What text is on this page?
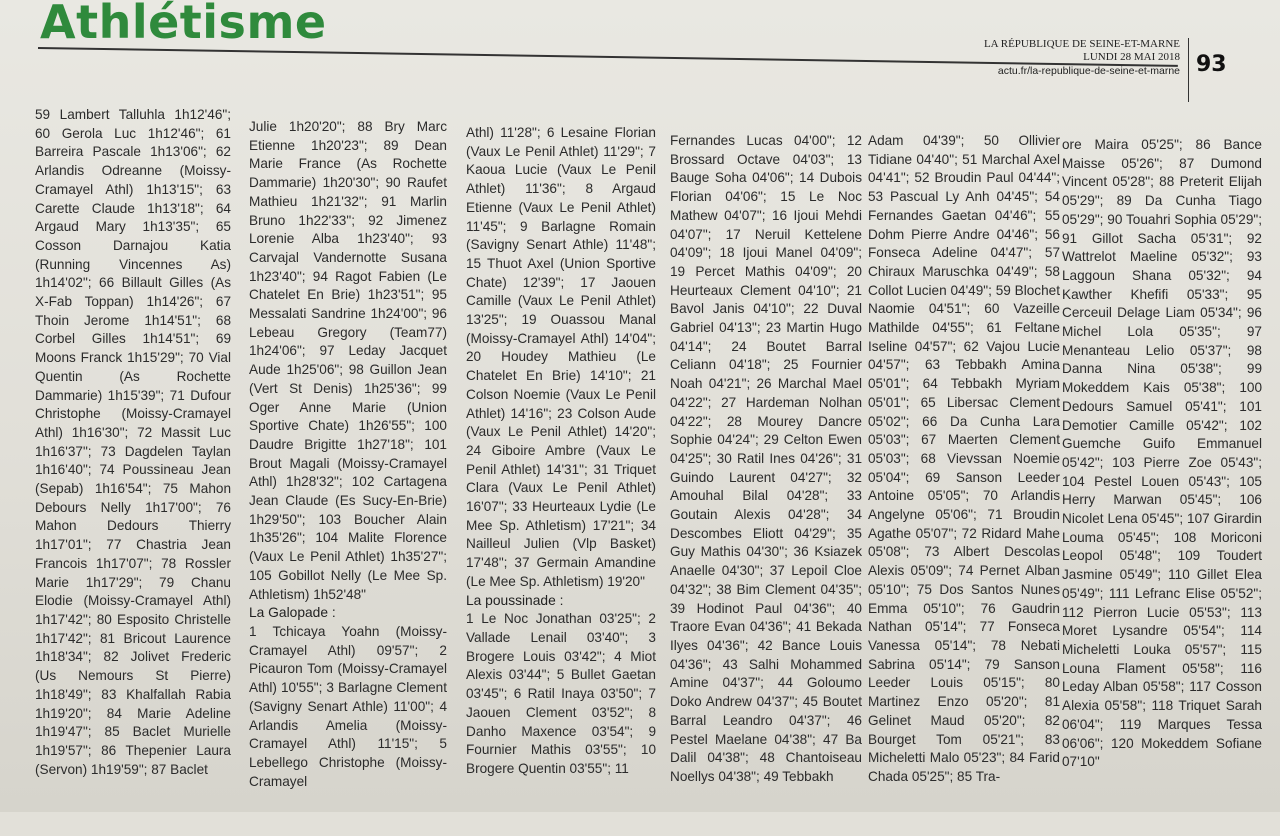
Athlétisme	LA RÉPUBLIQUE DE SEINE-ET-MARNE
LUNDI 28 MAI 2018
actu.fr/la-republique-de-seine-et-marne 93

59 Lambert Talluhla 1h12'46"; 60 Gerola Luc 1h12'46"; 61 Barreira Pascale 1h13'06"; 62 Arlandis Odreanne (Moissy-Cramayel Athl) 1h13'15"; 63 Carette Claude 1h13'18"; 64 Argaud Mary 1h13'35"; 65 Cosson Darnajou Katia (Running Vincennes As) 1h14'02"; 66 Billault Gilles (As X-Fab Toppan) 1h14'26"; 67 Thoin Jerome 1h14'51"; 68 Corbel Gilles 1h14'51"; 69 Moons Franck 1h15'29"; 70 Vial Quentin (As Rochette Dammarie) 1h15'39"; 71 Dufour Christophe (Moissy-Cramayel Athl) 1h16'30"; 72 Massit Luc 1h16'37"; 73 Dagdelen Taylan 1h16'40"; 74 Poussineau Jean (Sepab) 1h16'54"; 75 Mahon Debours Nelly 1h17'00"; 76 Mahon Dedours Thierry 1h17'01"; 77 Chastria Jean Francois 1h17'07"; 78 Rossler Marie 1h17'29"; 79 Chanu Elodie (Moissy-Cramayel Athl) 1h17'42"; 80 Esposito Christelle 1h17'42"; 81 Bricout Laurence 1h18'34"; 82 Jolivet Frederic (Us Nemours St Pierre) 1h18'49"; 83 Khalfallah Rabia 1h19'20"; 84 Marie Adeline 1h19'47"; 85 Baclet Murielle 1h19'57"; 86 Thepenier Laura (Servon) 1h19'59"; 87 Baclet

Julie 1h20'20"; 88 Bry Marc Etienne 1h20'23"; 89 Dean Marie France (As Rochette Dammarie) 1h20'30"; 90 Raufet Mathieu 1h21'32"; 91 Marlin Bruno 1h22'33"; 92 Jimenez Lorenie Alba 1h23'40"; 93 Carvajal Vandernotte Susana 1h23'40"; 94 Ragot Fabien (Le Chatelet En Brie) 1h23'51"; 95 Messalati Sandrine 1h24'00"; 96 Lebeau Gregory (Team77) 1h24'06"; 97 Leday Jacquet Aude 1h25'06"; 98 Guillon Jean (Vert St Denis) 1h25'36"; 99 Oger Anne Marie (Union Sportive Chate) 1h26'55"; 100 Daudre Brigitte 1h27'18"; 101 Brout Magali (Moissy-Cramayel Athl) 1h28'32"; 102 Cartagena Jean Claude (Es Sucy-En-Brie) 1h29'50"; 103 Boucher Alain 1h35'26"; 104 Malite Florence (Vaux Le Penil Athlet) 1h35'27"; 105 Gobillot Nelly (Le Mee Sp. Athletism) 1h52'48"

La Galopade :

1 Tchicaya Yoahn (Moissy-Cramayel Athl) 09'57"; 2 Picauron Tom (Moissy-Cramayel Athl) 10'55"; 3 Barlagne Clement (Savigny Senart Athle) 11'00"; 4 Arlandis Amelia (Moissy-Cramayel Athl) 11'15"; 5 Lebellego Christophe (Moissy-Cramayel

Athl) 11'28"; 6 Lesaine Florian (Vaux Le Penil Athlet) 11'29"; 7 Kaoua Lucie (Vaux Le Penil Athlet) 11'36"; 8 Argaud Etienne (Vaux Le Penil Athlet) 11'45"; 9 Barlagne Romain (Savigny Senart Athle) 11'48"; 15 Thuot Axel (Union Sportive Chate) 12'39"; 17 Jaouen Camille (Vaux Le Penil Athlet) 13'25"; 19 Ouassou Manal (Moissy-Cramayel Athl) 14'04"; 20 Houdey Mathieu (Le Chatelet En Brie) 14'10"; 21 Colson Noemie (Vaux Le Penil Athlet) 14'16"; 23 Colson Aude (Vaux Le Penil Athlet) 14'20"; 24 Giboire Ambre (Vaux Le Penil Athlet) 14'31"; 31 Triquet Clara (Vaux Le Penil Athlet) 16'07"; 33 Heurteaux Lydie (Le Mee Sp. Athletism) 17'21"; 34 Nailleul Julien (Vlp Basket) 17'48"; 37 Germain Amandine (Le Mee Sp. Athletism) 19'20"

La poussinade :

1 Le Noc Jonathan 03'25"; 2 Vallade Lenail 03'40"; 3 Brogere Louis 03'42"; 4 Miot Alexis 03'44"; 5 Bullet Gaetan 03'45"; 6 Ratil Inaya 03'50"; 7 Jaouen Clement 03'52"; 8 Danho Maxence 03'54"; 9 Fournier Mathis 03'55"; 10 Brogere Quentin 03'55"; 11

Fernandes Lucas 04'00"; 12 Brossard Octave 04'03"; 13 Bauge Soha 04'06"; 14 Dubois Florian 04'06"; 15 Le Noc Mathew 04'07"; 16 Ijoui Mehdi 04'07"; 17 Neruil Kettelene 04'09"; 18 Ijoui Manel 04'09"; 19 Percet Mathis 04'09"; 20 Heurteaux Clement 04'10"; 21 Bavol Janis 04'10"; 22 Duval Gabriel 04'13"; 23 Martin Hugo 04'14"; 24 Boutet Barral Celiann 04'18"; 25 Fournier Noah 04'21"; 26 Marchal Mael 04'22"; 27 Hardeman Nolhan 04'22"; 28 Mourey Dancre Sophie 04'24"; 29 Celton Ewen 04'25"; 30 Ratil Ines 04'26"; 31 Guindo Laurent 04'27"; 32 Amouhal Bilal 04'28"; 33 Goutain Alexis 04'28"; 34 Descombes Eliott 04'29"; 35 Guy Mathis 04'30"; 36 Ksiazek Anaelle 04'30"; 37 Lepoil Cloe 04'32"; 38 Bim Clement 04'35"; 39 Hodinot Paul 04'36"; 40 Traore Evan 04'36"; 41 Bekada Ilyes 04'36"; 42 Bance Louis 04'36"; 43 Salhi Mohammed Amine 04'37"; 44 Goloumo Doko Andrew 04'37"; 45 Boutet Barral Leandro 04'37"; 46 Pestel Maelane 04'38"; 47 Ba Dalil 04'38"; 48 Chantoiseau Noellys 04'38"; 49 Tebbakh

Adam 04'39"; 50 Ollivier Tidiane 04'40"; 51 Marchal Axel 04'41"; 52 Broudin Paul 04'44"; 53 Pascual Ly Anh 04'45"; 54 Fernandes Gaetan 04'46"; 55 Dohm Pierre Andre 04'46"; 56 Fonseca Adeline 04'47"; 57 Chiraux Maruschka 04'49"; 58 Collot Lucien 04'49"; 59 Blochet Naomie 04'51"; 60 Vazeille Mathilde 04'55"; 61 Feltane Iseline 04'57"; 62 Vajou Lucie 04'57"; 63 Tebbakh Amina 05'01"; 64 Tebbakh Myriam 05'01"; 65 Libersac Clement 05'02"; 66 Da Cunha Lara 05'03"; 67 Maerten Clement 05'03"; 68 Vievssan Noemie 05'04"; 69 Sanson Leeder Antoine 05'05"; 70 Arlandis Angelyne 05'06"; 71 Broudin Agathe 05'07"; 72 Ridard Mahe 05'08"; 73 Albert Descolas Alexis 05'09"; 74 Pernet Alban 05'10"; 75 Dos Santos Nunes Emma 05'10"; 76 Gaudrin Nathan 05'14"; 77 Fonseca Vanessa 05'14"; 78 Nebati Sabrina 05'14"; 79 Sanson Leeder Louis 05'15"; 80 Martinez Enzo 05'20"; 81 Gelinet Maud 05'20"; 82 Bourget Tom 05'21"; 83 Micheletti Malo 05'23"; 84 Farid Chada 05'25"; 85 Tra-

ore Maira 05'25"; 86 Bance Maisse 05'26"; 87 Dumond Vincent 05'28"; 88 Preterit Elijah 05'29"; 89 Da Cunha Tiago 05'29"; 90 Touahri Sophia 05'29"; 91 Gillot Sacha 05'31"; 92 Wattrelot Maeline 05'32"; 93 Laggoun Shana 05'32"; 94 Kawther Khefifi 05'33"; 95 Cerceuil Delage Liam 05'34"; 96 Michel Lola 05'35"; 97 Menanteau Lelio 05'37"; 98 Danna Nina 05'38"; 99 Mokeddem Kais 05'38"; 100 Dedours Samuel 05'41"; 101 Demotier Camille 05'42"; 102 Guemche Guifo Emmanuel 05'42"; 103 Pierre Zoe 05'43"; 104 Pestel Louen 05'43"; 105 Herry Marwan 05'45"; 106 Nicolet Lena 05'45"; 107 Girardin Louma 05'45"; 108 Moriconi Leopol 05'48"; 109 Toudert Jasmine 05'49"; 110 Gillet Elea 05'49"; 111 Lefranc Elise 05'52"; 112 Pierron Lucie 05'53"; 113 Moret Lysandre 05'54"; 114 Micheletti Louka 05'57"; 115 Louna Flament 05'58"; 116 Leday Alban 05'58"; 117 Cosson Alexia 05'58"; 118 Triquet Sarah 06'04"; 119 Marques Tessa 06'06"; 120 Mokeddem Sofiane 07'10"
